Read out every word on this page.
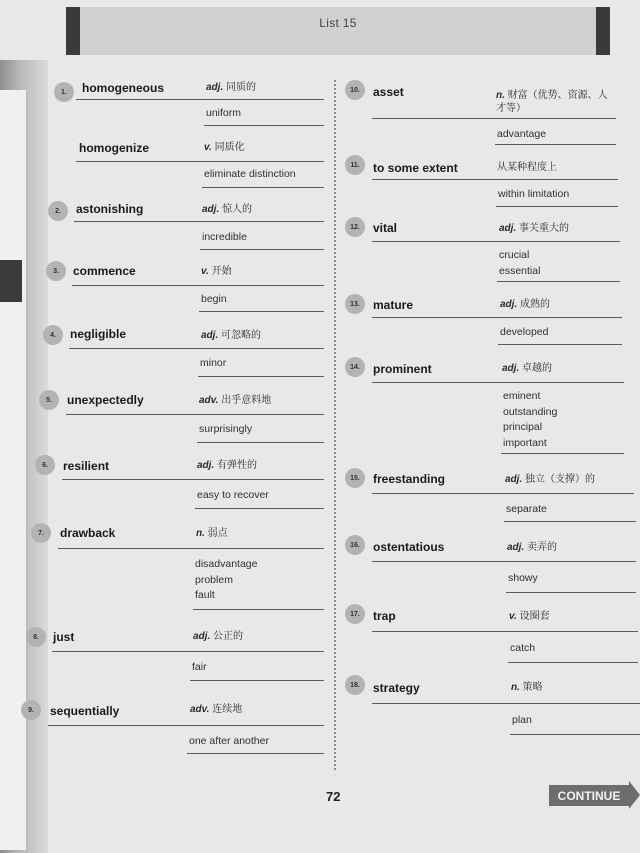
List 15
1.	homogeneous	adj. 同质的
uniform
homogenize	v. 同质化
eliminate distinction
2.	astonishing	adj. 惊人的
incredible
3.	commence	v. 开始
begin
4.	negligible	adj. 可忽略的
minor
5.	unexpectedly	adv. 出乎意料地
surprisingly
6.	resilient	adj. 有弹性的
easy to recover
7.	drawback	n. 弱点
disadvantage
problem
fault
8.	just	adj. 公正的
fair
9.	sequentially	adv. 连续地
one after another
10.	asset	n. 财富（优势、资源、人
才等）
advantage
11.	to some extent	从某种程度上
within limitation
12.	vital	adj. 事关重大的
crucial
essential
13.	mature	adj. 成熟的
developed
14.	prominent	adj. 卓越的
eminent
outstanding
principal
important
15.	freestanding	adj. 独立（支撑）的
separate
16.	ostentatious	adj. 卖弄的
showy
17.	trap	v. 设圈套
catch
18.	strategy	n. 策略
plan
72	CONTINUE
